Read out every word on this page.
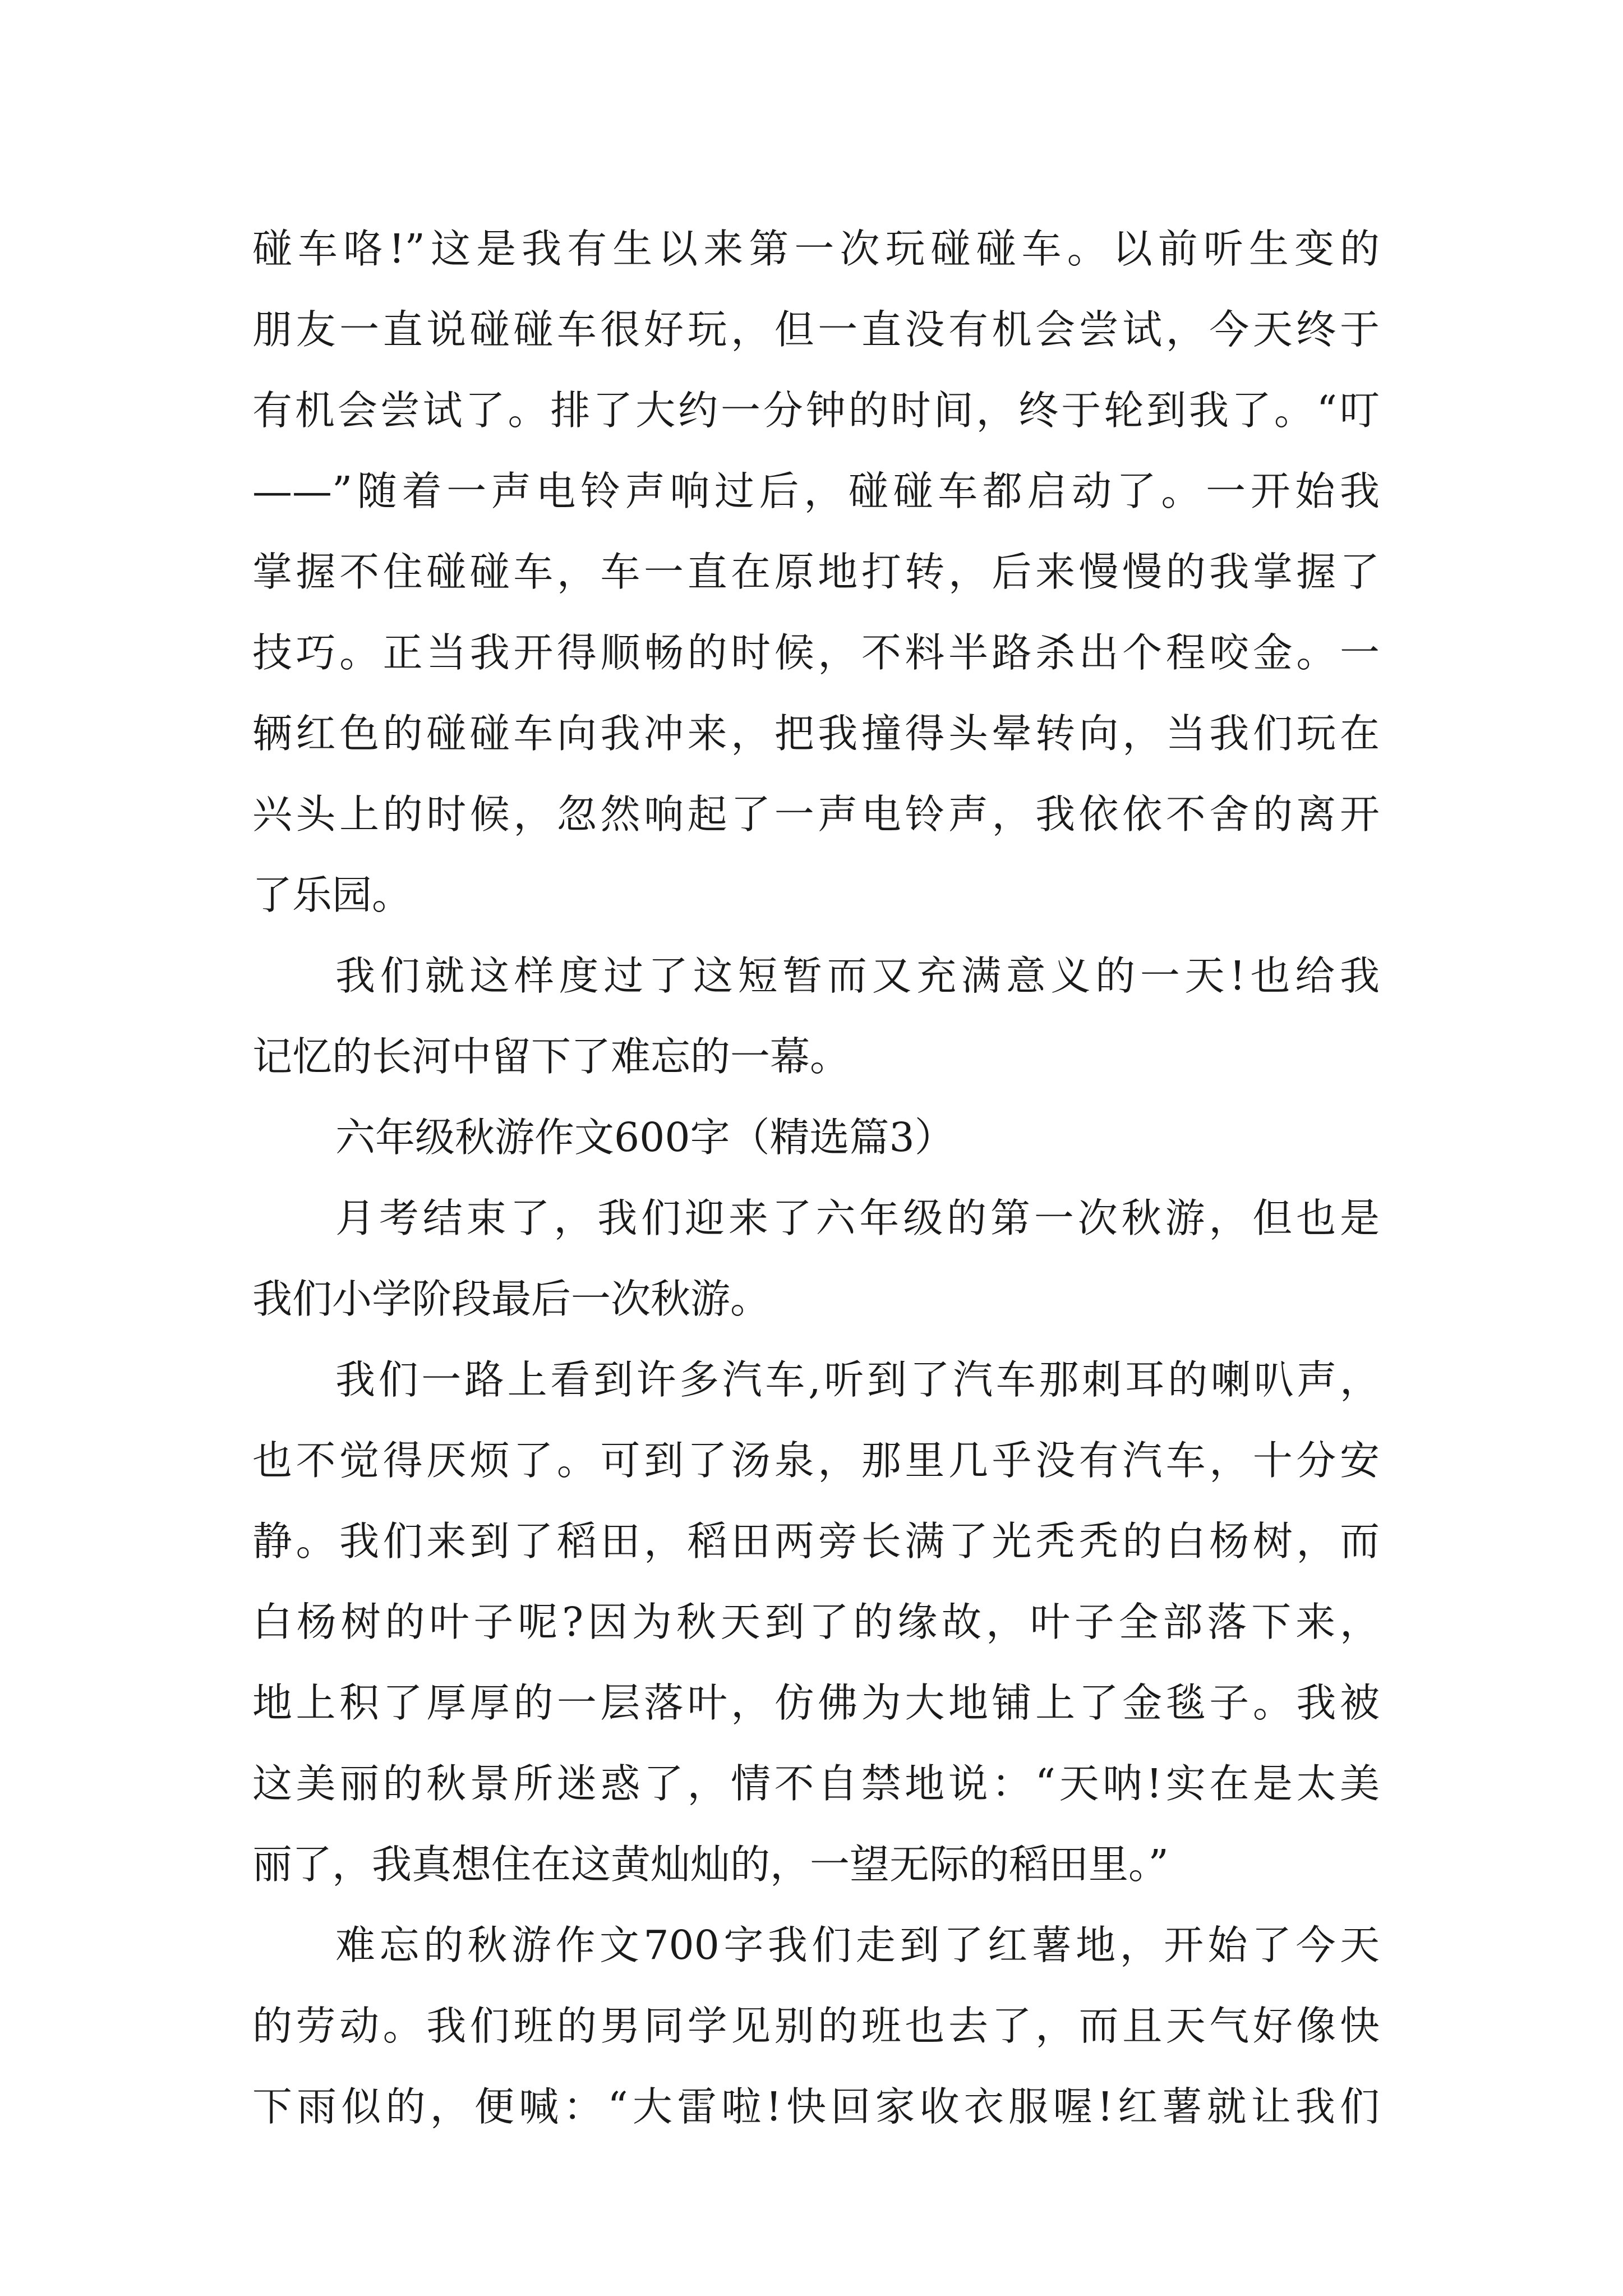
碰车咯!”这是我有生以来第一次玩碰碰车。以前听生变的
朋友一直说碰碰车很好玩，但一直没有机会尝试，今天终于
有机会尝试了。排了大约一分钟的时间，终于轮到我了。“叮
——”随着一声电铃声响过后，碰碰车都启动了。一开始我
掌握不住碰碰车，车一直在原地打转，后来慢慢的我掌握了
技巧。正当我开得顺畅的时候，不料半路杀出个程咬金。一
辆红色的碰碰车向我冲来，把我撞得头晕转向，当我们玩在
兴头上的时候，忽然响起了一声电铃声，我依依不舍的离开
了乐园。
我们就这样度过了这短暂而又充满意义的一天!也给我
记忆的长河中留下了难忘的一幕。
六年级秋游作文600字（精选篇3）
月考结束了，我们迎来了六年级的第一次秋游，但也是
我们小学阶段最后一次秋游。
我们一路上看到许多汽车,听到了汽车那刺耳的喇叭声，
也不觉得厌烦了。可到了汤泉，那里几乎没有汽车，十分安
静。我们来到了稻田，稻田两旁长满了光秃秃的白杨树，而
白杨树的叶子呢?因为秋天到了的缘故，叶子全部落下来，
地上积了厚厚的一层落叶，仿佛为大地铺上了金毯子。我被
这美丽的秋景所迷惑了，情不自禁地说：“天呐!实在是太美
丽了，我真想住在这黄灿灿的，一望无际的稻田里。”
难忘的秋游作文700字我们走到了红薯地，开始了今天
的劳动。我们班的男同学见别的班也去了，而且天气好像快
下雨似的，便喊：“大雷啦!快回家收衣服喔!红薯就让我们
